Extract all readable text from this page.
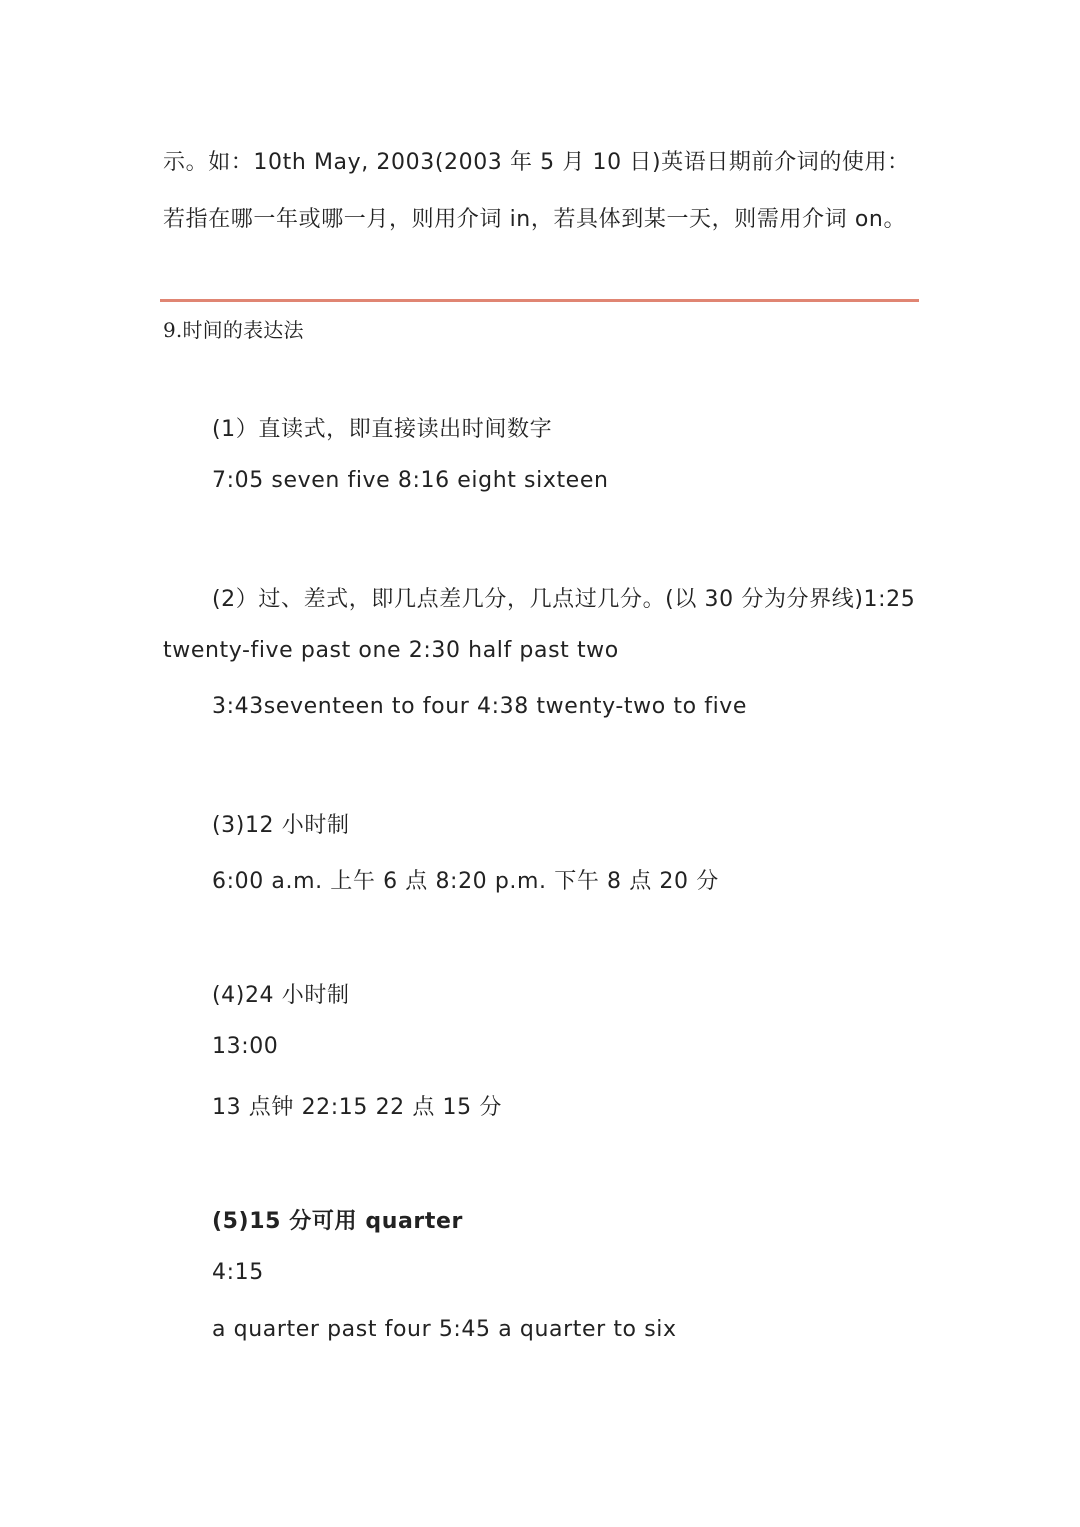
示。如：10th May, 2003(2003 年 5 月 10 日)英语日期前介词的使用：
若指在哪一年或哪一月，则用介词 in，若具体到某一天，则需用介词 on。
9.时间的表达法
(1）直读式，即直接读出时间数字
7:05 seven five 8:16 eight sixteen
(2）过、差式，即几点差几分，几点过几分。(以 30 分为分界线)1:25
twenty-five past one 2:30 half past two
3:43seventeen to four 4:38 twenty-two to five
(3)12 小时制
6:00 a.m. 上午 6 点 8:20 p.m. 下午 8 点 20 分
(4)24 小时制
13:00
13 点钟 22:15 22 点 15 分
(5)15 分可用 quarter
4:15
a quarter past four 5:45 a quarter to six
